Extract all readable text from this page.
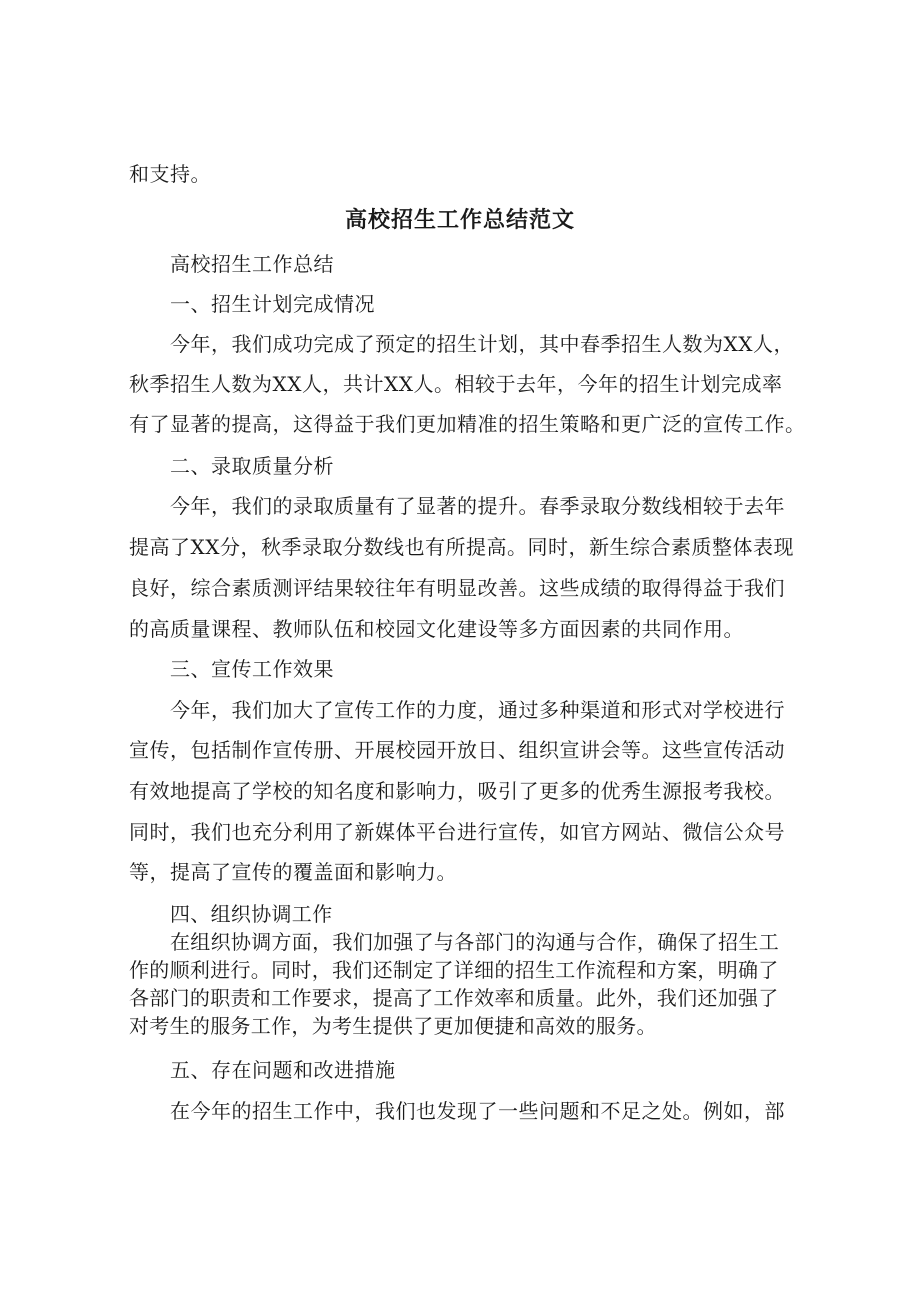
和支持。

高校招生工作总结范文

高校招生工作总结

一、招生计划完成情况

今年，我们成功完成了预定的招生计划，其中春季招生人数为XX人，

秋季招生人数为XX人，共计XX人。相较于去年，今年的招生计划完成率

有了显著的提高，这得益于我们更加精准的招生策略和更广泛的宣传工作。

二、录取质量分析

今年，我们的录取质量有了显著的提升。春季录取分数线相较于去年

提高了XX分，秋季录取分数线也有所提高。同时，新生综合素质整体表现

良好，综合素质测评结果较往年有明显改善。这些成绩的取得得益于我们

的高质量课程、教师队伍和校园文化建设等多方面因素的共同作用。

三、宣传工作效果

今年，我们加大了宣传工作的力度，通过多种渠道和形式对学校进行

宣传，包括制作宣传册、开展校园开放日、组织宣讲会等。这些宣传活动

有效地提高了学校的知名度和影响力，吸引了更多的优秀生源报考我校。

同时，我们也充分利用了新媒体平台进行宣传，如官方网站、微信公众号

等，提高了宣传的覆盖面和影响力。

四、组织协调工作

在组织协调方面，我们加强了与各部门的沟通与合作，确保了招生工

作的顺利进行。同时，我们还制定了详细的招生工作流程和方案，明确了

各部门的职责和工作要求，提高了工作效率和质量。此外，我们还加强了

对考生的服务工作，为考生提供了更加便捷和高效的服务。

五、存在问题和改进措施

在今年的招生工作中，我们也发现了一些问题和不足之处。例如，部
